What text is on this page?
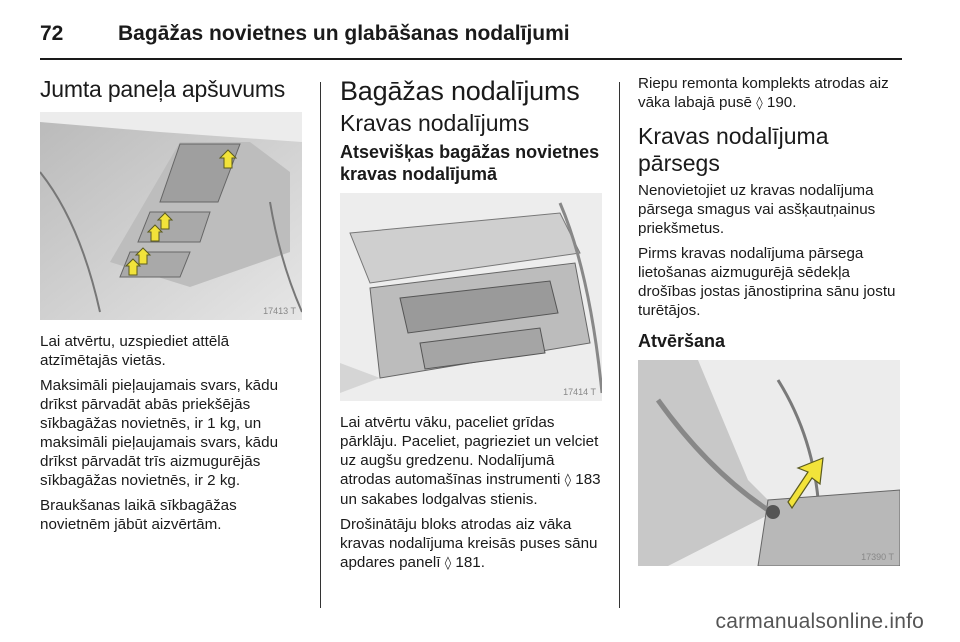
72	Bagāžas novietnes un glabāšanas nodalījumi
Jumta paneļa apšuvums
17413 T

Lai atvērtu, uzspiediet attēlā atzīmētajās vietās.

Maksimāli pieļaujamais svars, kādu drīkst pārvadāt abās priekšējās sīkbagāžas novietnēs, ir 1 kg, un maksimāli pieļaujamais svars, kādu drīkst pārvadāt trīs aizmugurējās sīkbagāžas novietnēs, ir 2 kg.

Braukšanas laikā sīkbagāžas novietnēm jābūt aizvērtām.

Bagāžas nodalījums
Kravas nodalījums
Atsevišķas bagāžas novietnes kravas nodalījumā
17414 T

Lai atvērtu vāku, paceliet grīdas pārklāju. Paceliet, pagrieziet un velciet uz augšu gredzenu. Nodalījumā atrodas automašīnas instrumenti ◊ 183 un sakabes lodgalvas stienis.

Drošinātāju bloks atrodas aiz vāka kravas nodalījuma kreisās puses sānu apdares panelī ◊ 181.

Riepu remonta komplekts atrodas aiz vāka labajā pusē ◊ 190.

Kravas nodalījuma pārsegs

Nenovietojiet uz kravas nodalījuma pārsega smagus vai asšķautņainus priekšmetus.

Pirms kravas nodalījuma pārsega lietošanas aizmugurējā sēdekļa drošības jostas jānostiprina sānu jostu turētājos.

Atvēršana
17390 T
carmanualsonline.info
